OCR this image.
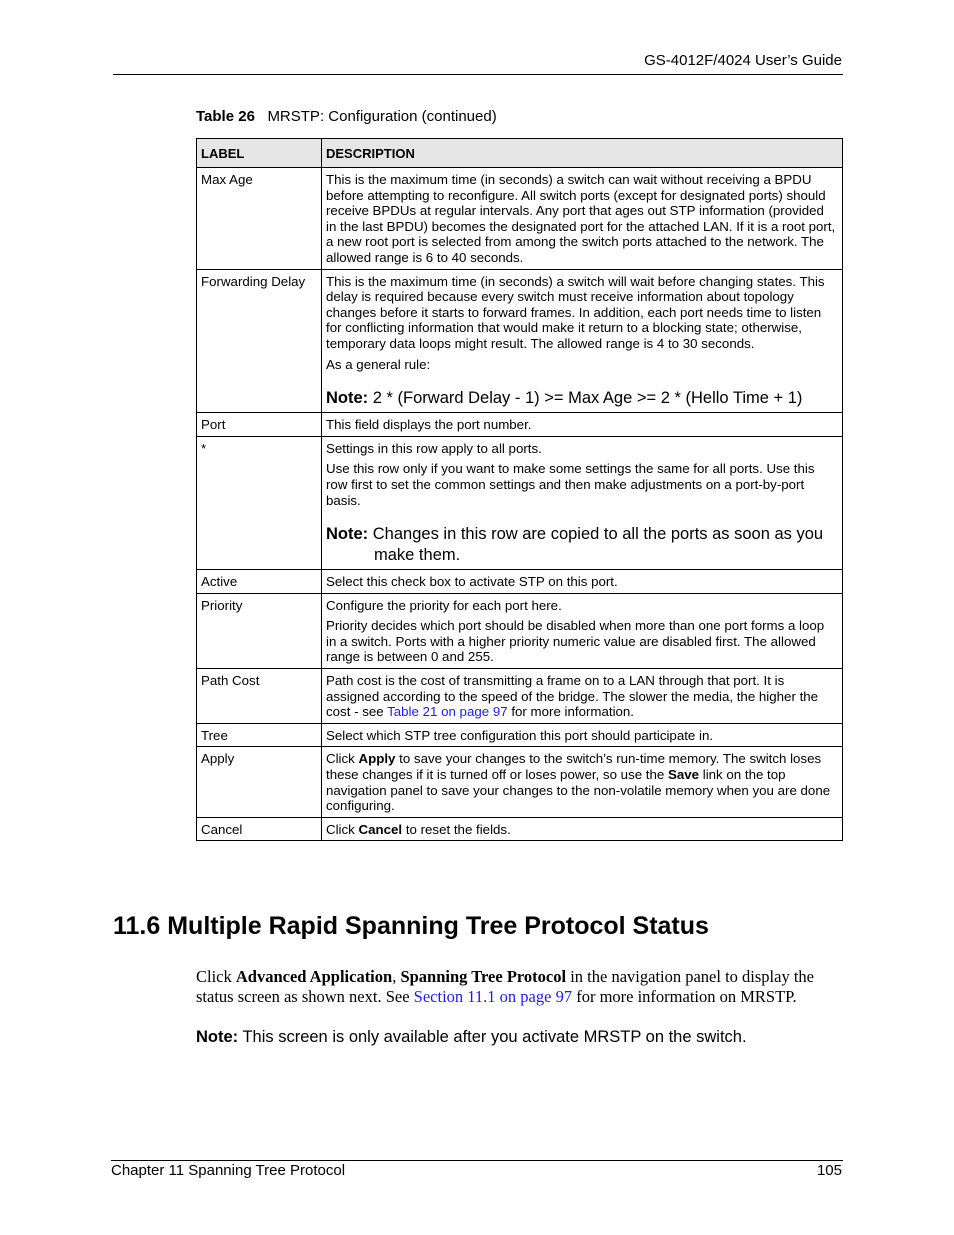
GS-4012F/4024 User’s Guide
Table 26 MRSTP: Configuration (continued)
LABEL	DESCRIPTION
Max Age	This is the maximum time (in seconds) a switch can wait without receiving a BPDU before attempting to reconfigure. All switch ports (except for designated ports) should receive BPDUs at regular intervals. Any port that ages out STP information (provided in the last BPDU) becomes the designated port for the attached LAN. If it is a root port, a new root port is selected from among the switch ports attached to the network. The allowed range is 6 to 40 seconds.

Forwarding Delay	This is the maximum time (in seconds) a switch will wait before changing states. This delay is required because every switch must receive information about topology changes before it starts to forward frames. In addition, each port needs time to listen for conflicting information that would make it return to a blocking state; otherwise, temporary data loops might result. The allowed range is 4 to 30 seconds.
As a general rule:
Note: 2 * (Forward Delay - 1) >= Max Age >= 2 * (Hello Time + 1)

Port	This field displays the port number.

*	Settings in this row apply to all ports.
Use this row only if you want to make some settings the same for all ports. Use this row first to set the common settings and then make adjustments on a port-by-port basis.
Note: Changes in this row are copied to all the ports as soon as you make them.

Active	Select this check box to activate STP on this port.

Priority	Configure the priority for each port here.
Priority decides which port should be disabled when more than one port forms a loop in a switch. Ports with a higher priority numeric value are disabled first. The allowed range is between 0 and 255.

Path Cost	Path cost is the cost of transmitting a frame on to a LAN through that port. It is assigned according to the speed of the bridge. The slower the media, the higher the cost - see Table 21 on page 97 for more information.

Tree	Select which STP tree configuration this port should participate in.

Apply	Click Apply to save your changes to the switch’s run-time memory. The switch loses these changes if it is turned off or loses power, so use the Save link on the top navigation panel to save your changes to the non-volatile memory when you are done configuring.

Cancel	Click Cancel to reset the fields.
11.6 Multiple Rapid Spanning Tree Protocol Status

Click Advanced Application, Spanning Tree Protocol in the navigation panel to display the status screen as shown next. See Section 11.1 on page 97 for more information on MRSTP.

Note: This screen is only available after you activate MRSTP on the switch.

Chapter 11 Spanning Tree Protocol	105
